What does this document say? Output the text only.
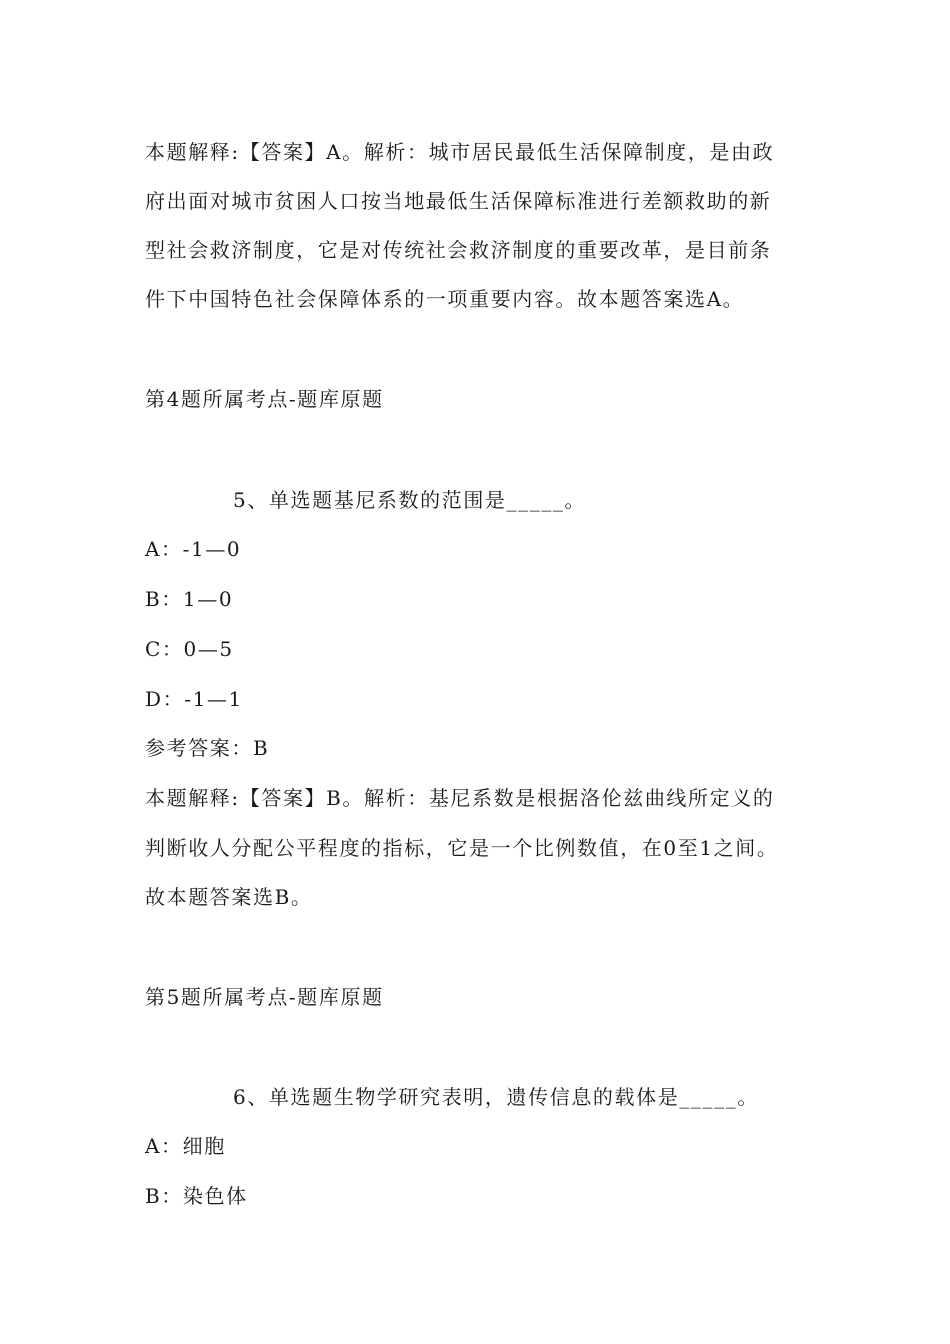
本题解释:【答案】A。解析：城市居民最低生活保障制度，是由政
府出面对城市贫困人口按当地最低生活保障标准进行差额救助的新
型社会救济制度，它是对传统社会救济制度的重要改革，是目前条
件下中国特色社会保障体系的一项重要内容。故本题答案选A。
第4题所属考点-题库原题
5、单选题基尼系数的范围是_____。
A：-1—0
B：1—0
C：0—5
D：-1—1
参考答案：B
本题解释:【答案】B。解析：基尼系数是根据洛伦兹曲线所定义的
判断收人分配公平程度的指标，它是一个比例数值，在0至1之间。
故本题答案选B。
第5题所属考点-题库原题
6、单选题生物学研究表明，遗传信息的载体是_____。
A：细胞
B：染色体
